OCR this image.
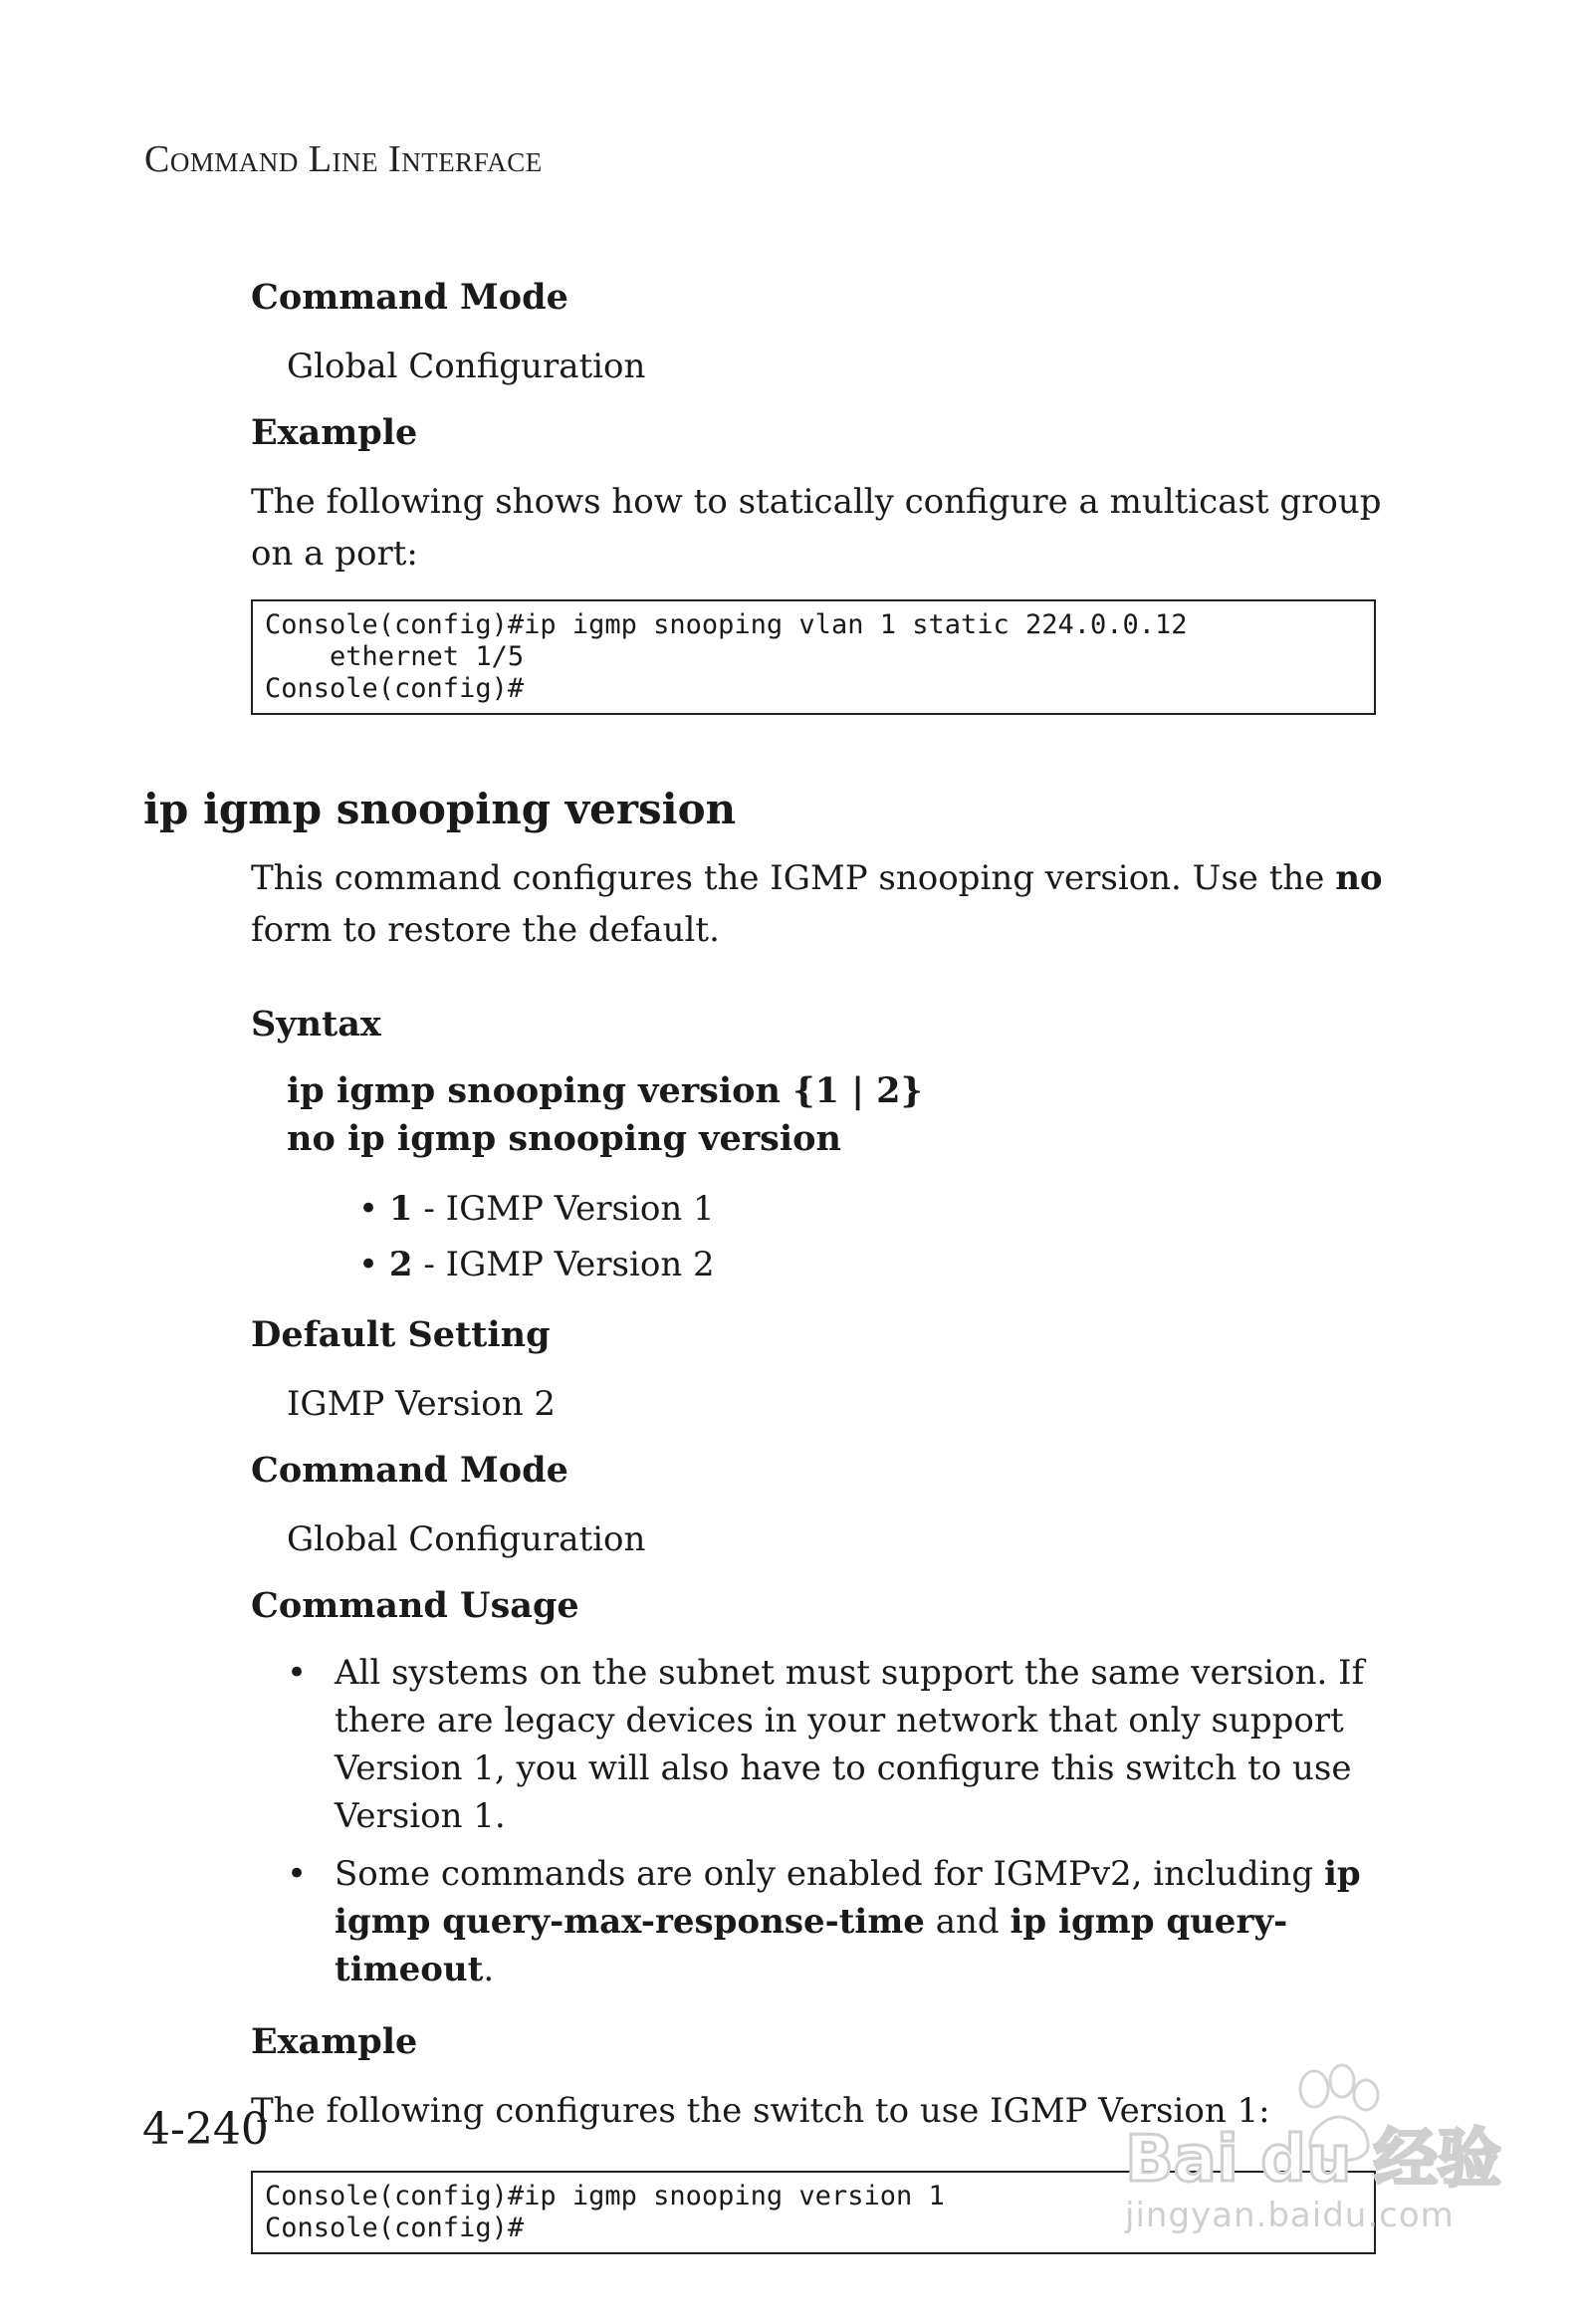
Command Line Interface
Command Mode
Global Configuration
Example
The following shows how to statically configure a multicast group on a port:
Console(config)#ip igmp snooping vlan 1 static 224.0.0.12
ethernet 1/5
Console(config)#
ip igmp snooping version
This command configures the IGMP snooping version. Use the no form to restore the default.
Syntax
ip igmp snooping version {1 | 2}
no ip igmp snooping version
• 1 - IGMP Version 1
• 2 - IGMP Version 2
Default Setting
IGMP Version 2
Command Mode
Global Configuration
Command Usage
• All systems on the subnet must support the same version. If there are legacy devices in your network that only support Version 1, you will also have to configure this switch to use Version 1.
• Some commands are only enabled for IGMPv2, including ip igmp query-max-response-time and ip igmp query-timeout.
Example
The following configures the switch to use IGMP Version 1:
Console(config)#ip igmp snooping version 1
Console(config)#
4-240	Bai du 经验
jingyan.baidu.com
